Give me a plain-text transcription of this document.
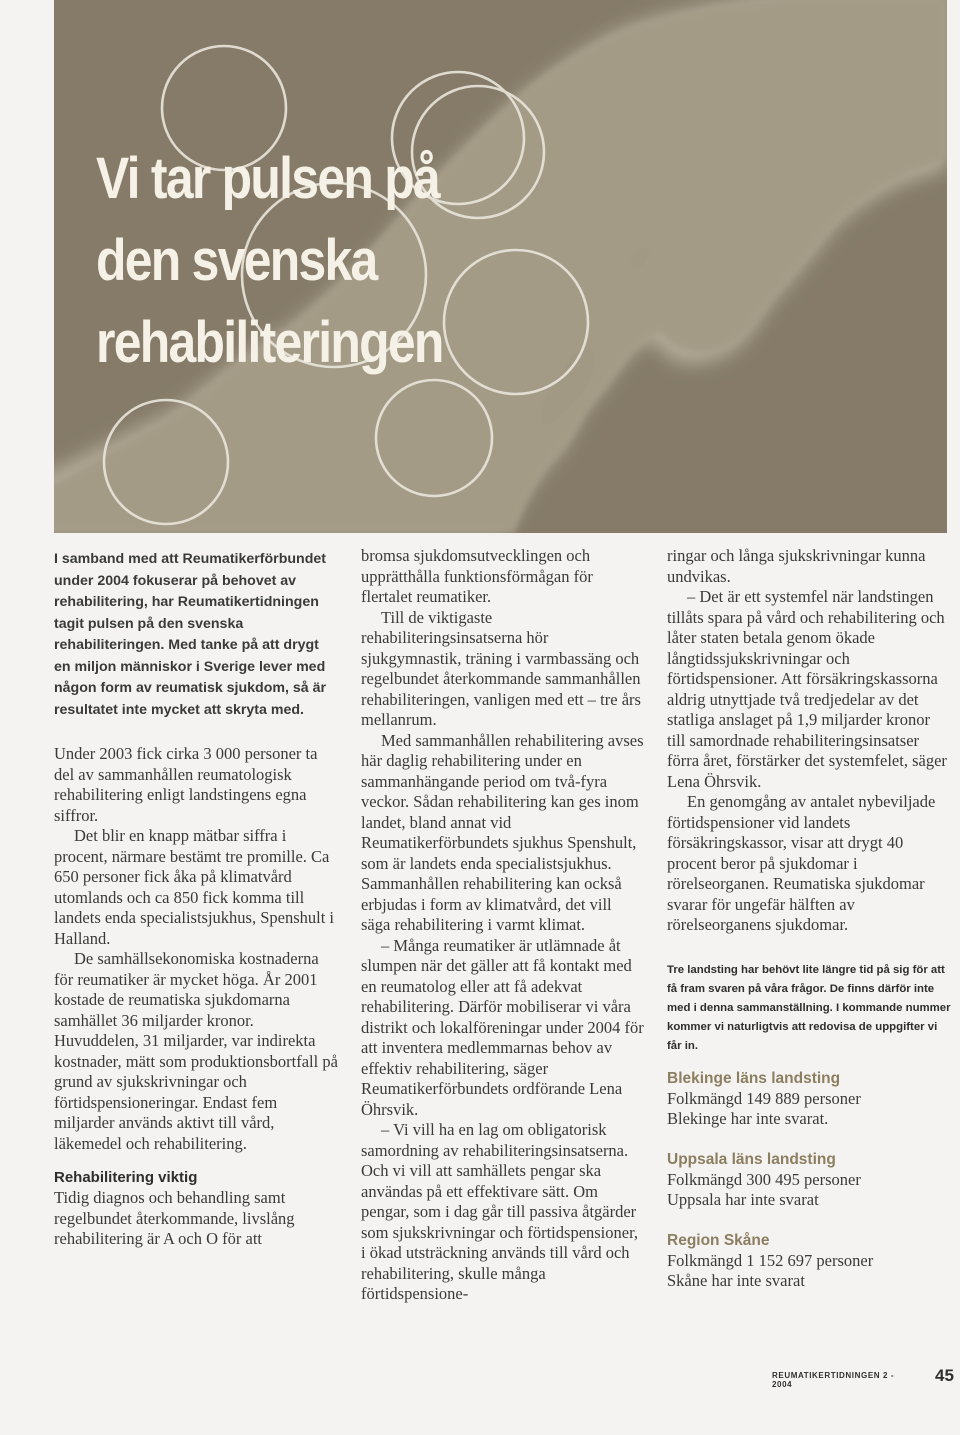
Vi tar pulsen på
den svenska
rehabiliteringen

I samband med att Reumatikerförbundet under 2004 fokuserar på behovet av rehabilitering, har Reumatikertidningen tagit pulsen på den svenska rehabiliteringen. Med tanke på att drygt en miljon människor i Sverige lever med någon form av reumatisk sjukdom, så är resultatet inte mycket att skryta med.

Under 2003 fick cirka 3 000 personer ta del av sammanhållen reumatologisk rehabilitering enligt landstingens egna siffror.

Det blir en knapp mätbar siffra i procent, närmare bestämt tre promille. Ca 650 personer fick åka på klimatvård utomlands och ca 850 fick komma till landets enda specialistsjukhus, Spenshult i Halland.

De samhällsekonomiska kostnaderna för reumatiker är mycket höga. År 2001 kostade de reumatiska sjukdomarna samhället 36 miljarder kronor. Huvuddelen, 31 miljarder, var indirekta kostnader, mätt som produktionsbortfall på grund av sjukskrivningar och förtidspensioneringar. Endast fem miljarder används aktivt till vård, läkemedel och rehabilitering.

Rehabilitering viktig

Tidig diagnos och behandling samt regelbundet återkommande, livslång rehabilitering är A och O för att

bromsa sjukdomsutvecklingen och upprätthålla funktionsförmågan för flertalet reumatiker.

Till de viktigaste rehabiliteringsinsatserna hör sjukgymnastik, träning i varmbassäng och regelbundet återkommande sammanhållen rehabiliteringen, vanligen med ett – tre års mellanrum.

Med sammanhållen rehabilitering avses här daglig rehabilitering under en sammanhängande period om två-fyra veckor. Sådan rehabilitering kan ges inom landet, bland annat vid Reumatikerförbundets sjukhus Spenshult, som är landets enda specialistsjukhus. Sammanhållen rehabilitering kan också erbjudas i form av klimatvård, det vill säga rehabilitering i varmt klimat.

– Många reumatiker är utlämnade åt slumpen när det gäller att få kontakt med en reumatolog eller att få adekvat rehabilitering. Därför mobiliserar vi våra distrikt och lokalföreningar under 2004 för att inventera medlemmarnas behov av effektiv rehabilitering, säger Reumatikerförbundets ordförande Lena Öhrsvik.

– Vi vill ha en lag om obligatorisk samordning av rehabiliteringsinsatserna. Och vi vill att samhällets pengar ska användas på ett effektivare sätt. Om pengar, som i dag går till passiva åtgärder som sjukskrivningar och förtidspensioner, i ökad utsträckning används till vård och rehabilitering, skulle många förtidspensione-

ringar och långa sjukskrivningar kunna undvikas.

– Det är ett systemfel när landstingen tillåts spara på vård och rehabilitering och låter staten betala genom ökade långtidssjukskrivningar och förtidspensioner. Att försäkringskassorna aldrig utnyttjade två tredjedelar av det statliga anslaget på 1,9 miljarder kronor till samordnade rehabiliteringsinsatser förra året, förstärker det systemfelet, säger Lena Öhrsvik.

En genomgång av antalet nybeviljade förtidspensioner vid landets försäkringskassor, visar att drygt 40 procent beror på sjukdomar i rörelseorganen. Reumatiska sjukdomar svarar för ungefär hälften av rörelseorganens sjukdomar.

Tre landsting har behövt lite längre tid på sig för att få fram svaren på våra frågor. De finns därför inte med i denna sammanställning. I kommande nummer kommer vi naturligtvis att redovisa de uppgifter vi får in.

Blekinge läns landsting

Folkmängd 149 889 personer

Blekinge har inte svarat.

Uppsala läns landsting

Folkmängd 300 495 personer

Uppsala har inte svarat

Region Skåne

Folkmängd 1 152 697 personer

Skåne har inte svarat

REUMATIKERTIDNINGEN 2 - 2004	45
